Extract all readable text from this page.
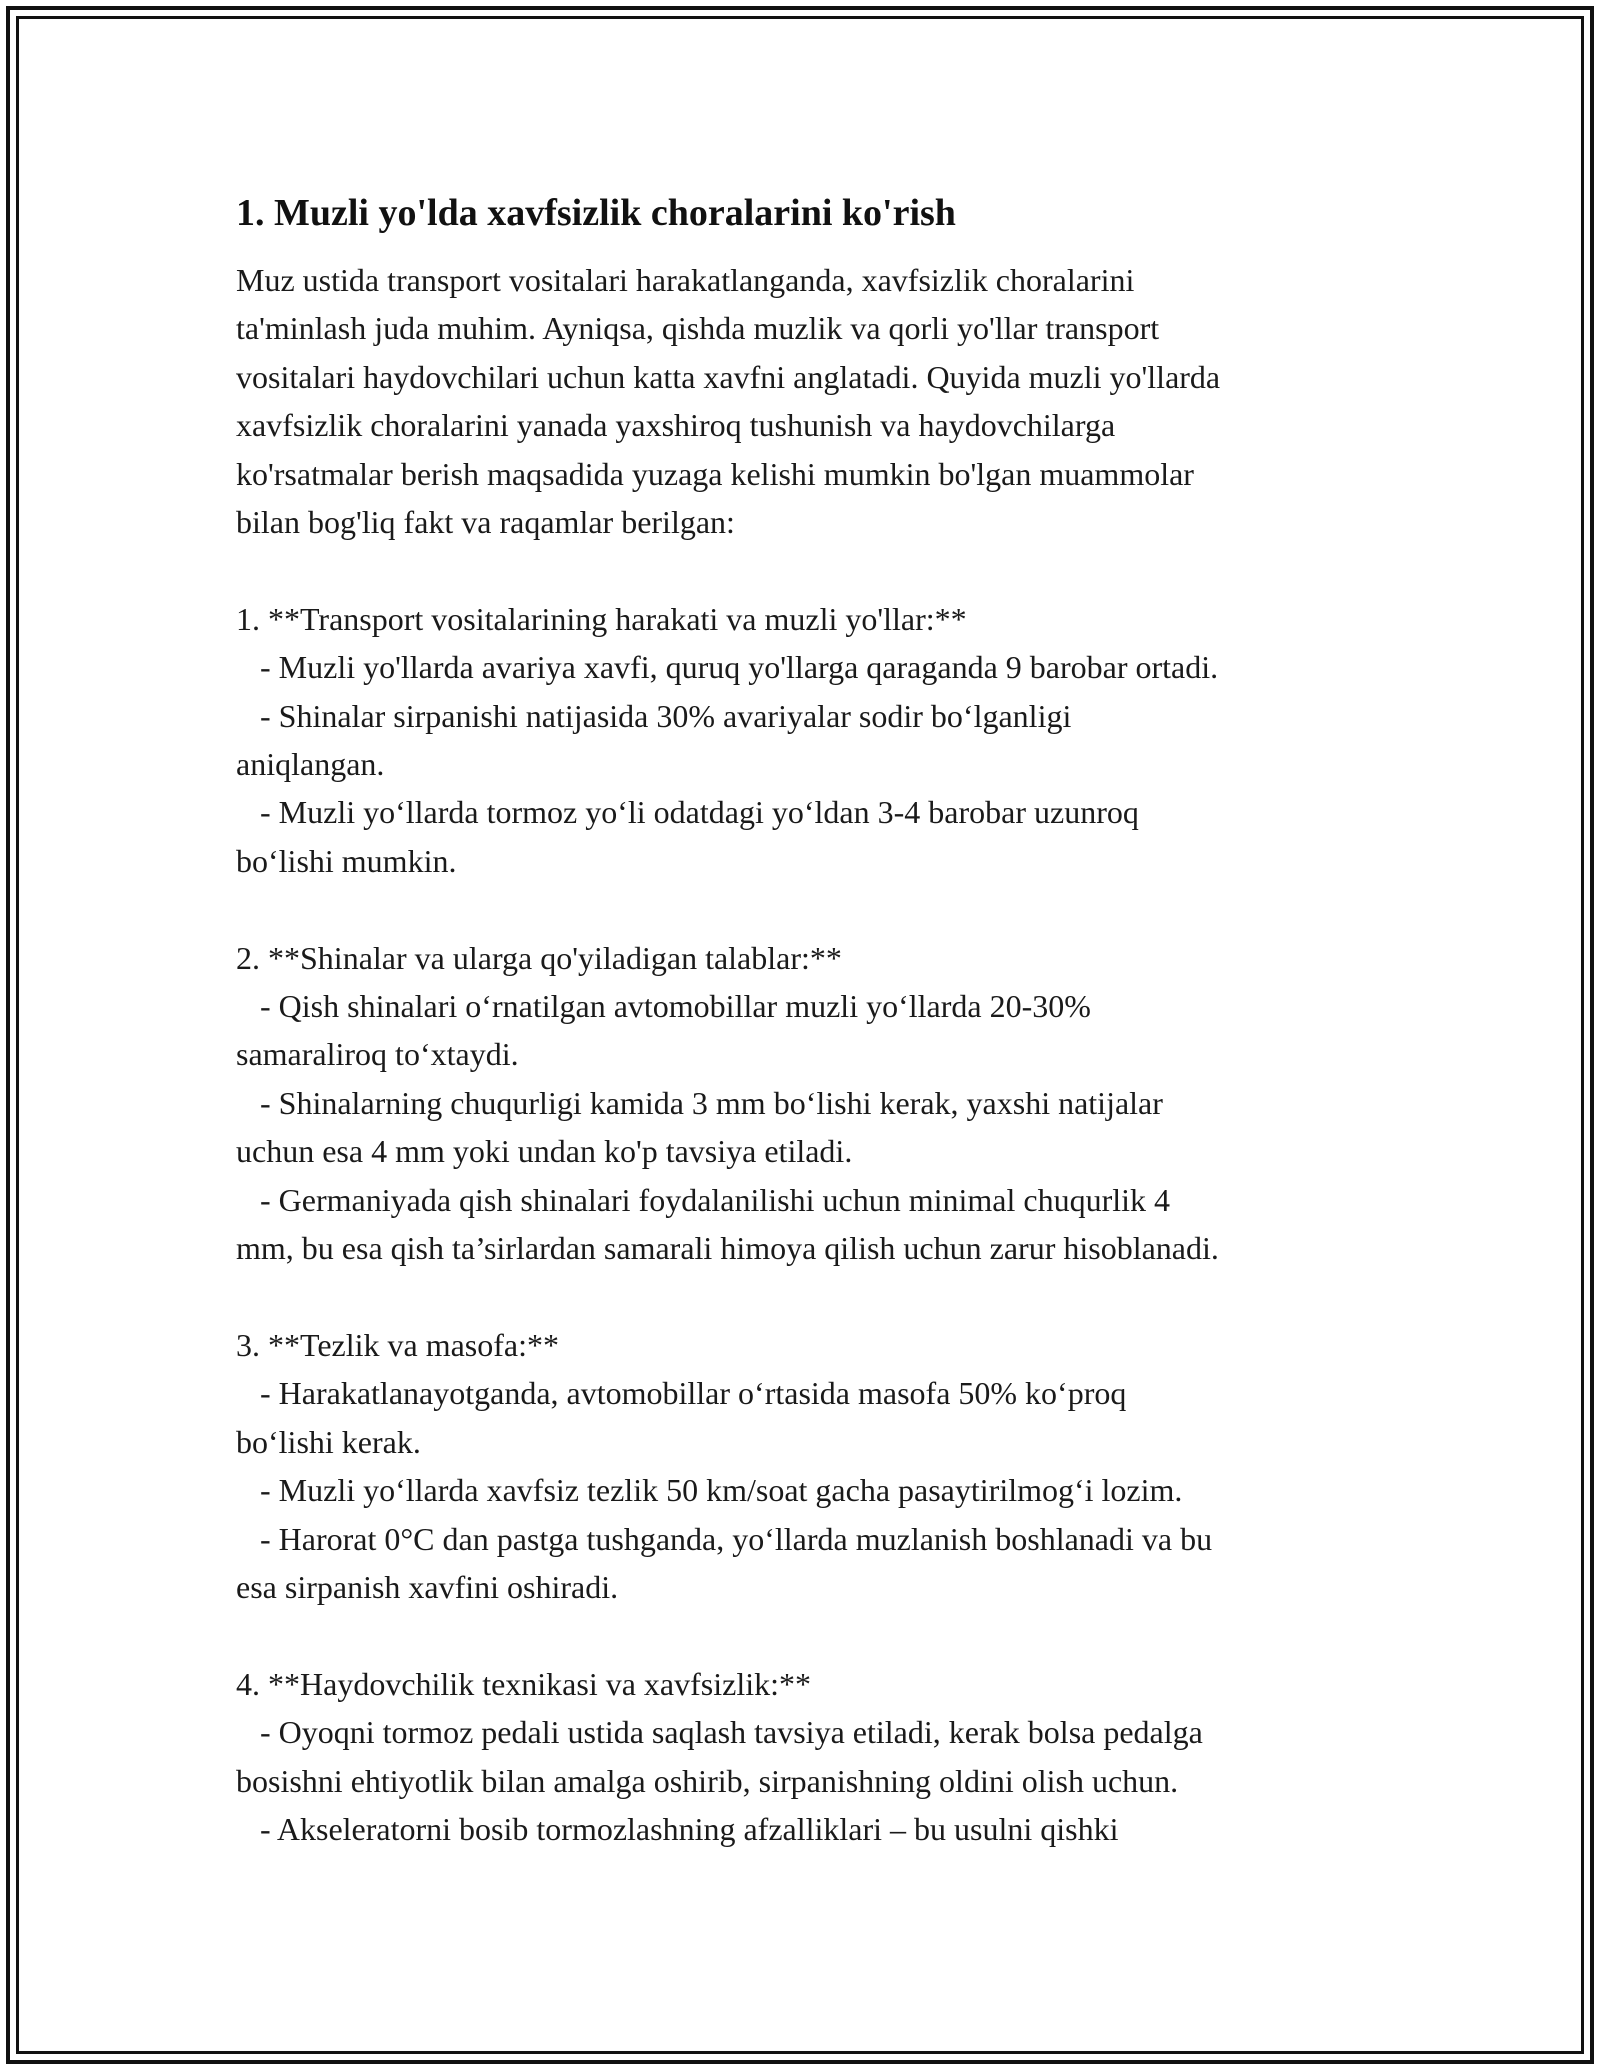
1. Muzli yo'lda xavfsizlik choralarini ko'rish

Muz ustida transport vositalari harakatlanganda, xavfsizlik choralarini

ta'minlash juda muhim. Ayniqsa, qishda muzlik va qorli yo'llar transport

vositalari haydovchilari uchun katta xavfni anglatadi. Quyida muzli yo'llarda

xavfsizlik choralarini yanada yaxshiroq tushunish va haydovchilarga

ko'rsatmalar berish maqsadida yuzaga kelishi mumkin bo'lgan muammolar

bilan bog'liq fakt va raqamlar berilgan:

1. **Transport vositalarining harakati va muzli yo'llar:**

- Muzli yo'llarda avariya xavfi, quruq yo'llarga qaraganda 9 barobar ortadi.

- Shinalar sirpanishi natijasida 30% avariyalar sodir bo‘lganligi

aniqlangan.

- Muzli yo‘llarda tormoz yo‘li odatdagi yo‘ldan 3-4 barobar uzunroq

bo‘lishi mumkin.

2. **Shinalar va ularga qo'yiladigan talablar:**

- Qish shinalari o‘rnatilgan avtomobillar muzli yo‘llarda 20-30%

samaraliroq to‘xtaydi.

- Shinalarning chuqurligi kamida 3 mm bo‘lishi kerak, yaxshi natijalar

uchun esa 4 mm yoki undan ko'p tavsiya etiladi.

- Germaniyada qish shinalari foydalanilishi uchun minimal chuqurlik 4

mm, bu esa qish ta’sirlardan samarali himoya qilish uchun zarur hisoblanadi.

3. **Tezlik va masofa:**

- Harakatlanayotganda, avtomobillar o‘rtasida masofa 50% ko‘proq

bo‘lishi kerak.

- Muzli yo‘llarda xavfsiz tezlik 50 km/soat gacha pasaytirilmog‘i lozim.

- Harorat 0°C dan pastga tushganda, yo‘llarda muzlanish boshlanadi va bu

esa sirpanish xavfini oshiradi.

4. **Haydovchilik texnikasi va xavfsizlik:**

- Oyoqni tormoz pedali ustida saqlash tavsiya etiladi, kerak bolsa pedalga

bosishni ehtiyotlik bilan amalga oshirib, sirpanishning oldini olish uchun.

- Akseleratorni bosib tormozlashning afzalliklari – bu usulni qishki
